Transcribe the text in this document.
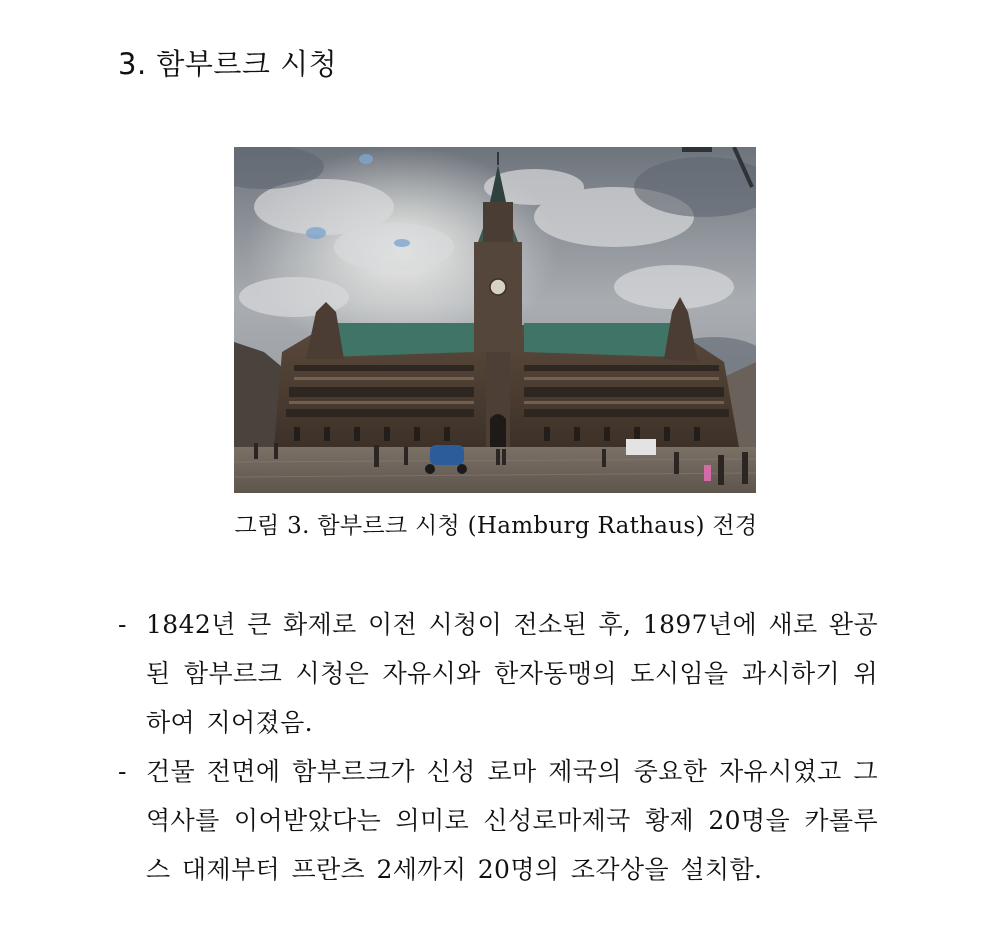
3. 함부르크 시청
그림 3. 함부르크 시청 (Hamburg Rathaus) 전경
- 1842년 큰 화제로 이전 시청이 전소된 후, 1897년에 새로 완공된 함부르크 시청은 자유시와 한자동맹의 도시임을 과시하기 위하여 지어졌음.
- 건물 전면에 함부르크가 신성 로마 제국의 중요한 자유시였고 그 역사를 이어받았다는 의미로 신성로마제국 황제 20명을 카롤루스 대제부터 프란츠 2세까지 20명의 조각상을 설치함.
